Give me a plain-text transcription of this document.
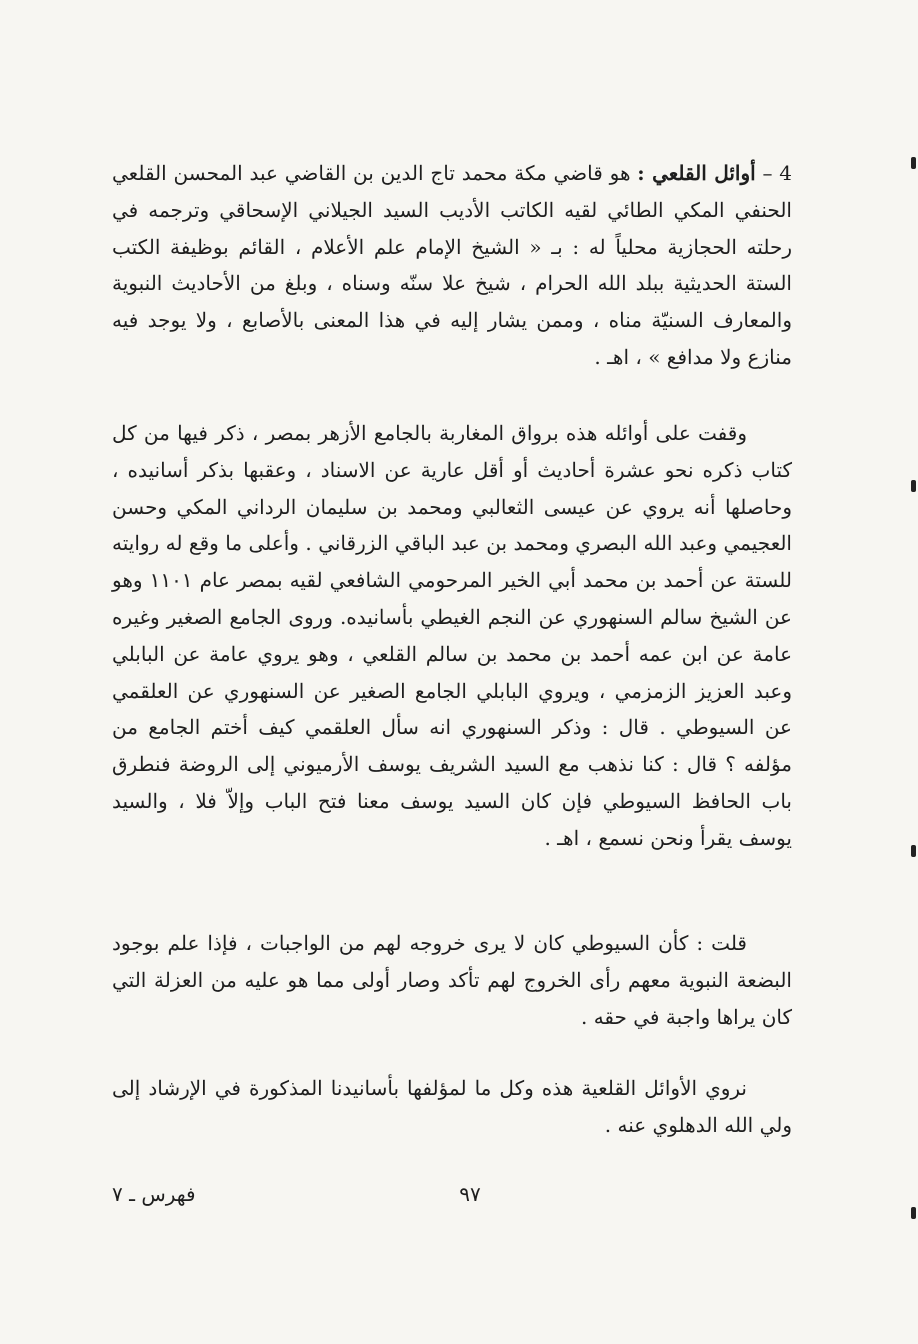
4 – أوائل القلعي : هو قاضي مكة محمد تاج الدين بن القاضي عبد المحسن القلعي الحنفي المكي الطائي لقيه الكاتب الأديب السيد الجيلاني الإسحاقي وترجمه في رحلته الحجازية محلياً له : بـ « الشيخ الإمام علم الأعلام ، القائم بوظيفة الكتب الستة الحديثية ببلد الله الحرام ، شيخ علا سنّه وسناه ، وبلغ من الأحاديث النبوية والمعارف السنيّة مناه ، وممن يشار إليه في هذا المعنى بالأصابع ، ولا يوجد فيه منازع ولا مدافع » ، اهـ .

وقفت على أوائله هذه برواق المغاربة بالجامع الأزهر بمصر ، ذكر فيها من كل كتاب ذكره نحو عشرة أحاديث أو أقل عارية عن الاسناد ، وعقبها بذكر أسانيده ، وحاصلها أنه يروي عن عيسى الثعالبي ومحمد بن سليمان الرداني المكي وحسن العجيمي وعبد الله البصري ومحمد بن عبد الباقي الزرقاني . وأعلى ما وقع له روايته للستة عن أحمد بن محمد أبي الخير المرحومي الشافعي لقيه بمصر عام ١١٠١ وهو عن الشيخ سالم السنهوري عن النجم الغيطي بأسانيده. وروى الجامع الصغير وغيره عامة عن ابن عمه أحمد بن محمد بن سالم القلعي ، وهو يروي عامة عن البابلي وعبد العزيز الزمزمي ، ويروي البابلي الجامع الصغير عن السنهوري عن العلقمي عن السيوطي . قال : وذكر السنهوري انه سأل العلقمي كيف أختم الجامع من مؤلفه ؟ قال : كنا نذهب مع السيد الشريف يوسف الأرميوني إلى الروضة فنطرق باب الحافظ السيوطي فإن كان السيد يوسف معنا فتح الباب وإلاّ فلا ، والسيد يوسف يقرأ ونحن نسمع ، اهـ .

قلت : كأن السيوطي كان لا يرى خروجه لهم من الواجبات ، فإذا علم بوجود البضعة النبوية معهم رأى الخروج لهم تأكد وصار أولى مما هو عليه من العزلة التي كان يراها واجبة في حقه .

نروي الأوائل القلعية هذه وكل ما لمؤلفها بأسانيدنا المذكورة في الإرشاد إلى ولي الله الدهلوي عنه .

٩٧
فهرس ـ ٧
